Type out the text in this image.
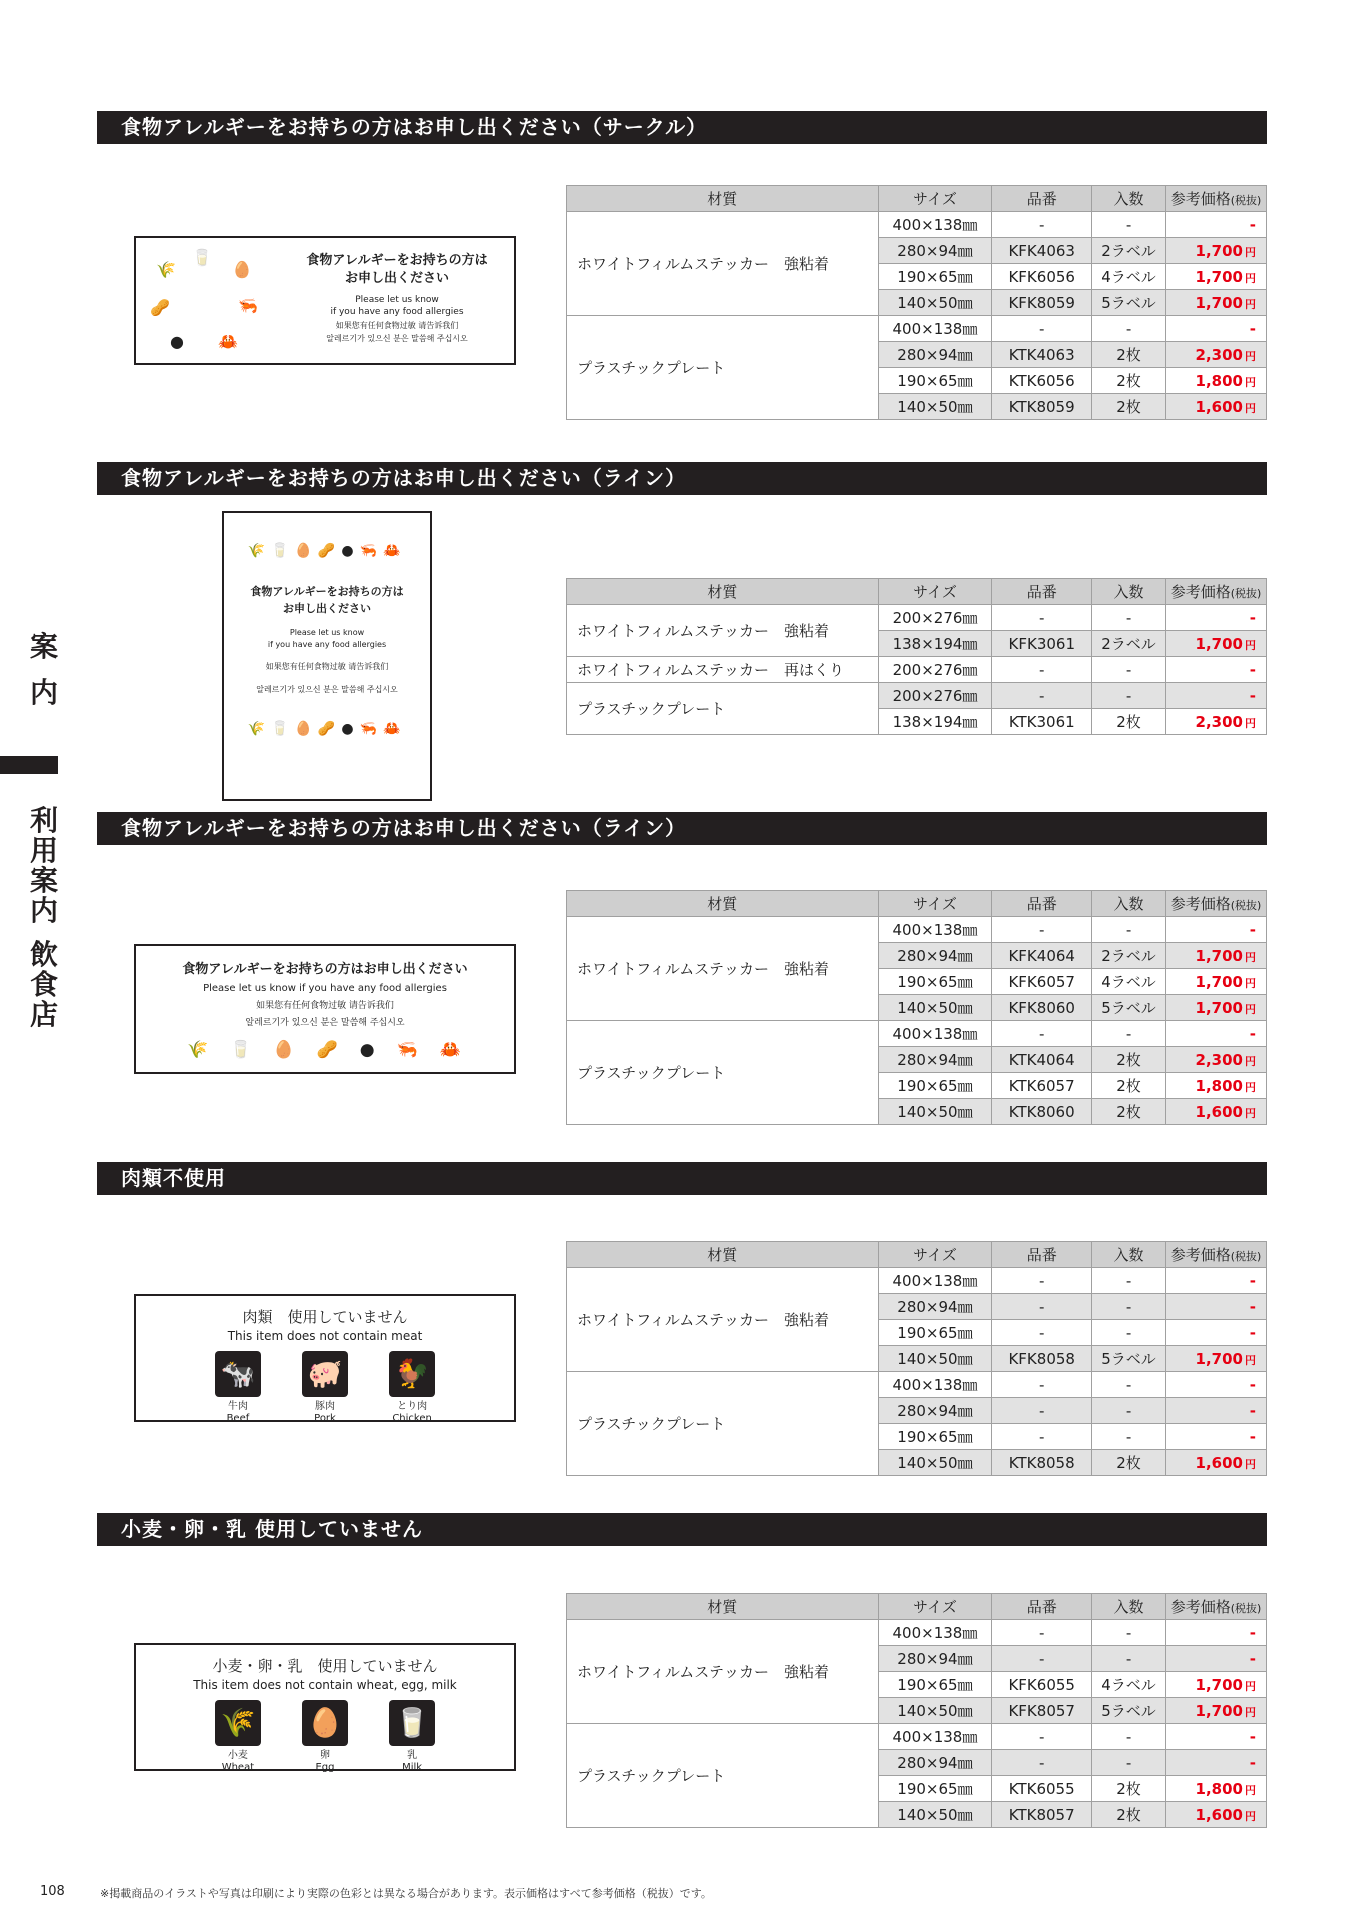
案
内
利
用
案
内
飲
食
店
食物アレルギーをお持ちの方はお申し出ください（サークル）
食物アレルギーをお持ちの方はお申し出ください（ライン）
食物アレルギーをお持ちの方はお申し出ください（ライン）
肉類不使用
小麦・卵・乳 使用していません
🌾
🥛
🥚
🥜	🦐
● 🦀
食物アレルギーをお持ちの方は
お申し出ください
Please let us know
if you have any food allergies
如果您有任何食物过敏 请告诉我们
알레르기가 있으신 분은 말씀해 주십시오
材質	サイズ	品番	入数	参考価格(税抜)
ホワイトフィルムステッカー　強粘着	400×138㎜	-	-	-
	280×94㎜	KFK4063	2ラベル	1,700 円
	190×65㎜	KFK6056	4ラベル	1,700 円
	140×50㎜	KFK8059	5ラベル	1,700 円
プラスチックプレート	400×138㎜	-	-	-
	280×94㎜	KTK4063	2枚	2,300 円
	190×65㎜	KTK6056	2枚	1,800 円
	140×50㎜	KTK8059	2枚	1,600 円
🌾🥛🥚🥜●🦐🦀
食物アレルギーをお持ちの方は
お申し出ください
Please let us know
if you have any food allergies
如果您有任何食物过敏 请告诉我们
알레르기가 있으신 분은 말씀해 주십시오
🌾🥛🥚🥜●🦐🦀
材質	サイズ	品番	入数	参考価格(税抜)
ホワイトフィルムステッカー　強粘着	200×276㎜	-	-	-
	138×194㎜	KFK3061	2ラベル	1,700 円
ホワイトフィルムステッカー　再はくり	200×276㎜	-	-	-
プラスチックプレート	200×276㎜	-	-	-
	138×194㎜	KTK3061	2枚	2,300 円
食物アレルギーをお持ちの方はお申し出ください
Please let us know if you have any food allergies
如果您有任何食物过敏 请告诉我们
알레르기가 있으신 분은 말씀해 주십시오
🌾🥛🥚🥜●🦐🦀
材質	サイズ	品番	入数	参考価格(税抜)
ホワイトフィルムステッカー　強粘着	400×138㎜	-	-	-
	280×94㎜	KFK4064	2ラベル	1,700 円
	190×65㎜	KFK6057	4ラベル	1,700 円
	140×50㎜	KFK8060	5ラベル	1,700 円
プラスチックプレート	400×138㎜	-	-	-
	280×94㎜	KTK4064	2枚	2,300 円
	190×65㎜	KTK6057	2枚	1,800 円
	140×50㎜	KTK8060	2枚	1,600 円
肉類　使用していません
This item does not contain meat
🐄
牛肉
Beef
🐖
豚肉
Pork
🐓
とり肉
Chicken
材質	サイズ	品番	入数	参考価格(税抜)
ホワイトフィルムステッカー　強粘着	400×138㎜	-	-	-
	280×94㎜	-	-	-
	190×65㎜	-	-	-
	140×50㎜	KFK8058	5ラベル	1,700 円
プラスチックプレート	400×138㎜	-	-	-
	280×94㎜	-	-	-
	190×65㎜	-	-	-
	140×50㎜	KTK8058	2枚	1,600 円
小麦・卵・乳　使用していません
This item does not contain wheat, egg, milk
🌾
小麦
Wheat
🥚
卵
Egg
🥛
乳
Milk
材質	サイズ	品番	入数	参考価格(税抜)
ホワイトフィルムステッカー　強粘着	400×138㎜	-	-	-
	280×94㎜	-	-	-
	190×65㎜	KFK6055	4ラベル	1,700 円
	140×50㎜	KFK8057	5ラベル	1,700 円
プラスチックプレート	400×138㎜	-	-	-
	280×94㎜	-	-	-
	190×65㎜	KTK6055	2枚	1,800 円
	140×50㎜	KTK8057	2枚	1,600 円
108	※掲載商品のイラストや写真は印刷により実際の色彩とは異なる場合があります。表示価格はすべて参考価格（税抜）です。
